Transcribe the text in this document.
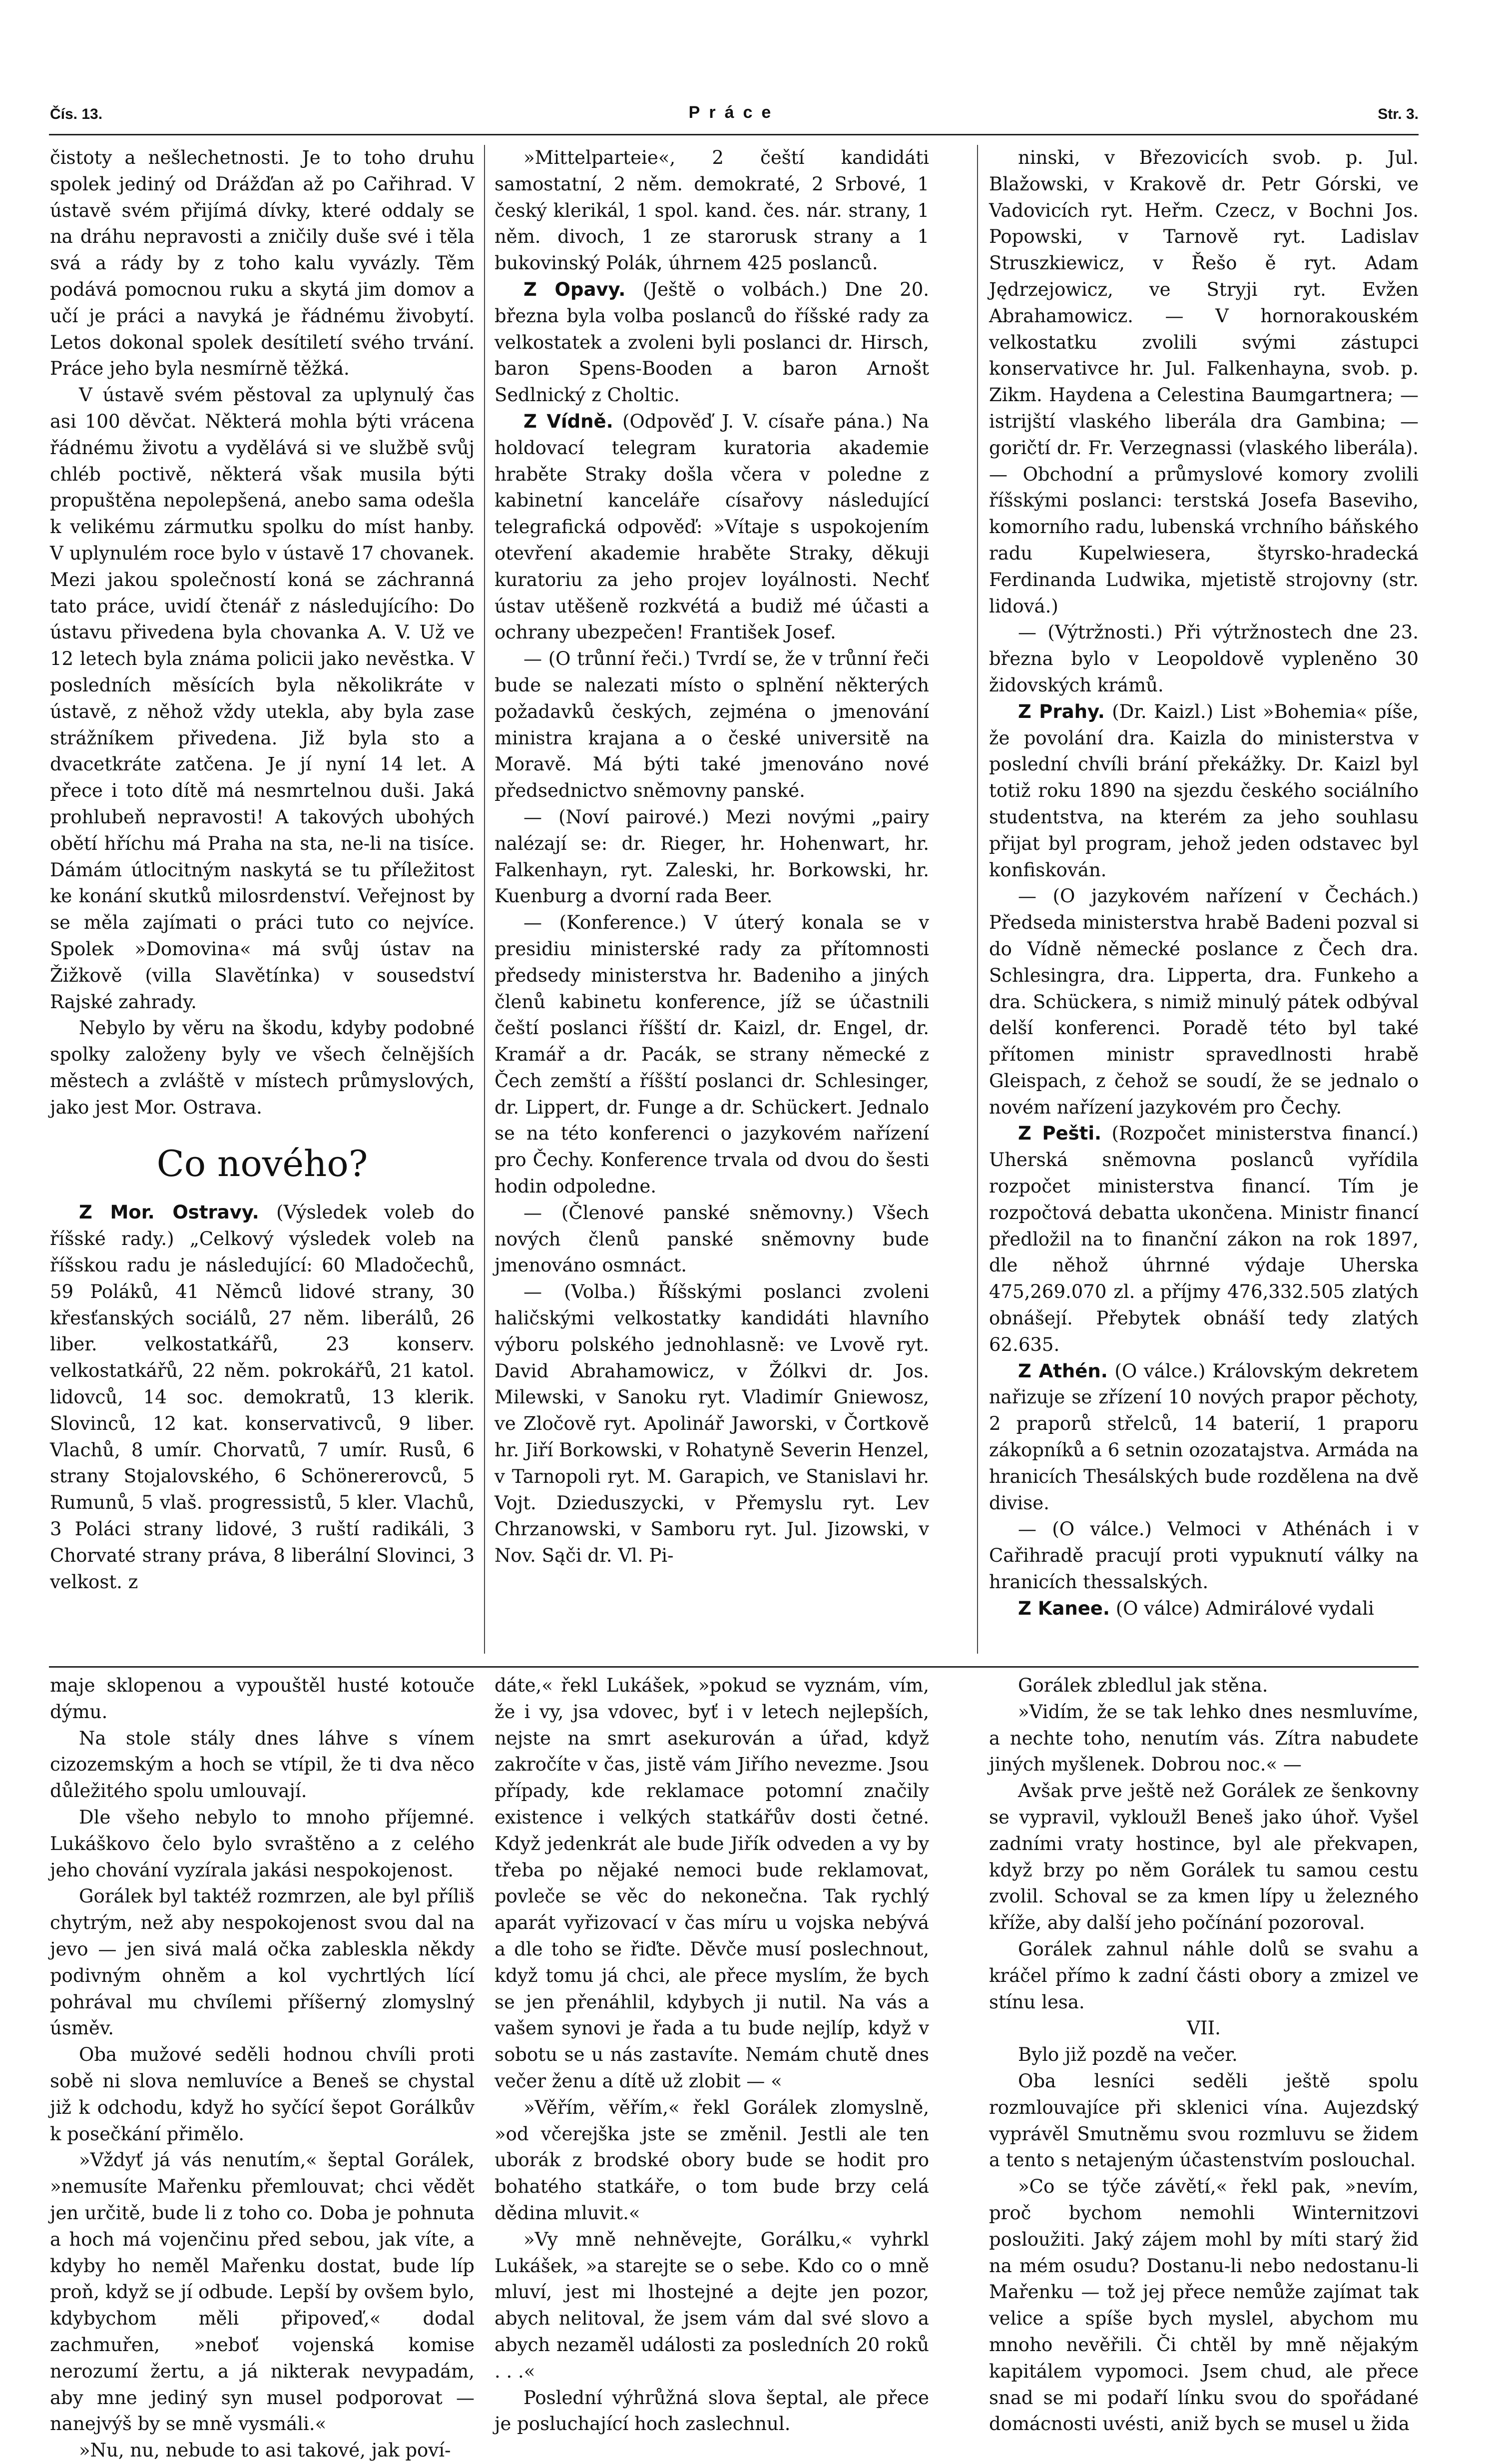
Čís. 13.	Práce	Str. 3.

čistoty a nešlechetnosti. Je to toho druhu spolek jediný od Drážďan až po Cařihrad. V ústavě svém přijímá dívky, které oddaly se na dráhu nepravosti a zničily duše své i těla svá a rády by z toho kalu vyvázly. Těm podává pomocnou ruku a skytá jim domov a učí je práci a navyká je řádnému živobytí. Letos dokonal spolek desítiletí svého trvání. Práce jeho byla nesmírně těžká.

V ústavě svém pěstoval za uplynulý čas asi 100 děvčat. Některá mohla býti vrácena řádnému životu a vydělává si ve službě svůj chléb poctivě, některá však musila býti propuštěna nepolepšená, anebo sama odešla k velikému zármutku spolku do míst hanby. V uplynulém roce bylo v ústavě 17 chovanek. Mezi jakou společností koná se záchranná tato práce, uvidí čtenář z následujícího: Do ústavu přivedena byla chovanka A. V. Už ve 12 letech byla známa policii jako nevěstka. V posledních měsících byla několikráte v ústavě, z něhož vždy utekla, aby byla zase strážníkem přivedena. Již byla sto a dvacetkráte zatčena. Je jí nyní 14 let. A přece i toto dítě má nesmrtelnou duši. Jaká prohlubeň nepravosti! A takových ubohých obětí hříchu má Praha na sta, ne-li na tisíce. Dámám útlocitným naskytá se tu příležitost ke konání skutků milosrdenství. Veřejnost by se měla zajímati o práci tuto co nejvíce. Spolek »Domovina« má svůj ústav na Žižkově (villa Slavětínka) v sousedství Rajské zahrady.

Nebylo by věru na škodu, kdyby podobné spolky založeny byly ve všech čelnějších městech a zvláště v místech průmyslových, jako jest Mor. Ostrava.

Co nového?

Z Mor. Ostravy. (Výsledek voleb do říšské rady.) „Celkový výsledek voleb na říšskou radu je následující: 60 Mladočechů, 59 Poláků, 41 Němců lidové strany, 30 křesťanských sociálů, 27 něm. liberálů, 26 liber. velkostatkářů, 23 konserv. velkostatkářů, 22 něm. pokrokářů, 21 katol. lidovců, 14 soc. demokratů, 13 klerik. Slovinců, 12 kat. konservativců, 9 liber. Vlachů, 8 umír. Chorvatů, 7 umír. Rusů, 6 strany Stojalovského, 6 Schönererovců, 5 Rumunů, 5 vlaš. progressistů, 5 kler. Vlachů, 3 Poláci strany lidové, 3 ruští radikáli, 3 Chorvaté strany práva, 8 liberální Slovinci, 3 velkost. z

»Mittelparteie«, 2 čeští kandidáti samostatní, 2 něm. demokraté, 2 Srbové, 1 český klerikál, 1 spol. kand. čes. nár. strany, 1 něm. divoch, 1 ze starorusk strany a 1 bukovinský Polák, úhrnem 425 poslanců.

Z Opavy. (Ještě o volbách.) Dne 20. března byla volba poslanců do říšské rady za velkostatek a zvoleni byli poslanci dr. Hirsch, baron Spens-Booden a baron Arnošt Sedlnický z Choltic.

Z Vídně. (Odpověď J. V. císaře pána.) Na holdovací telegram kuratoria akademie hraběte Straky došla včera v poledne z kabinetní kanceláře císařovy následující telegrafická odpověď: »Vítaje s uspokojením otevření akademie hraběte Straky, děkuji kuratoriu za jeho projev loyálnosti. Nechť ústav utěšeně rozkvétá a budiž mé účasti a ochrany ubezpečen! František Josef.

— (O trůnní řeči.) Tvrdí se, že v trůnní řeči bude se nalezati místo o splnění některých požadavků českých, zejména o jmenování ministra krajana a o české universitě na Moravě. Má býti také jmenováno nové předsednictvo sněmovny panské.

— (Noví pairové.) Mezi novými „pairy nalézají se: dr. Rieger, hr. Hohenwart, hr. Falkenhayn, ryt. Zaleski, hr. Borkowski, hr. Kuenburg a dvorní rada Beer.

— (Konference.) V úterý konala se v presidiu ministerské rady za přítomnosti předsedy ministerstva hr. Badeniho a jiných členů kabinetu konference, jíž se účastnili čeští poslanci říšští dr. Kaizl, dr. Engel, dr. Kramář a dr. Pacák, se strany německé z Čech zemští a říšští poslanci dr. Schlesinger, dr. Lippert, dr. Funge a dr. Schückert. Jednalo se na této konferenci o jazykovém nařízení pro Čechy. Konference trvala od dvou do šesti hodin odpoledne.

— (Členové panské sněmovny.) Všech nových členů panské sněmovny bude jmenováno osmnáct.

— (Volba.) Říšskými poslanci zvoleni haličskými velkostatky kandidáti hlavního výboru polského jednohlasně: ve Lvově ryt. David Abrahamowicz, v Žólkvi dr. Jos. Milewski, v Sanoku ryt. Vladimír Gniewosz, ve Zločově ryt. Apolinář Jaworski, v Čortkově hr. Jiří Borkowski, v Rohatyně Severin Henzel, v Tarnopoli ryt. M. Garapich, ve Stanislavi hr. Vojt. Dzieduszycki, v Přemyslu ryt. Lev Chrzanowski, v Samboru ryt. Jul. Jizowski, v Nov. Sąči dr. Vl. Pi-

ninski, v Březovicích svob. p. Jul. Blažowski, v Krakově dr. Petr Górski, ve Vadovicích ryt. Heřm. Czecz, v Bochni Jos. Popowski, v Tarnově ryt. Ladislav Struszkiewicz, v Řešo ě ryt. Adam Jędrzejowicz, ve Stryji ryt. Evžen Abrahamowicz. — V hornorakouském velkostatku zvolili svými zástupci konservativce hr. Jul. Falkenhayna, svob. p. Zikm. Haydena a Celestina Baumgartnera; — istrijští vlaského liberála dra Gambina; — goričtí dr. Fr. Verzegnassi (vlaského liberála). — Obchodní a průmyslové komory zvolili říšskými poslanci: terstská Josefa Baseviho, komorního radu, lubenská vrchního báňského radu Kupelwiesera, štyrsko-hradecká Ferdinanda Ludwika, mjetistě strojovny (str. lidová.)

— (Výtržnosti.) Při výtržnostech dne 23. března bylo v Leopoldově vypleněno 30 židovských krámů.

Z Prahy. (Dr. Kaizl.) List »Bohemia« píše, že povolání dra. Kaizla do ministerstva v poslední chvíli brání překážky. Dr. Kaizl byl totiž roku 1890 na sjezdu českého sociálního studentstva, na kterém za jeho souhlasu přijat byl program, jehož jeden odstavec byl konfiskován.

— (O jazykovém nařízení v Čechách.) Předseda ministerstva hrabě Badeni pozval si do Vídně německé poslance z Čech dra. Schlesingra, dra. Lipperta, dra. Funkeho a dra. Schückera, s nimiž minulý pátek odbýval delší konferenci. Poradě této byl také přítomen ministr spravedlnosti hrabě Gleispach, z čehož se soudí, že se jednalo o novém nařízení jazykovém pro Čechy.

Z Pešti. (Rozpočet ministerstva financí.) Uherská sněmovna poslanců vyřídila rozpočet ministerstva financí. Tím je rozpočtová debatta ukončena. Ministr financí předložil na to finanční zákon na rok 1897, dle něhož úhrnné výdaje Uherska 475,269.070 zl. a příjmy 476,332.505 zlatých obnášejí. Přebytek obnáší tedy zlatých 62.635.

Z Athén. (O válce.) Královským dekretem nařizuje se zřízení 10 nových prapor pěchoty, 2 praporů střelců, 14 baterií, 1 praporu zákopníků a 6 setnin ozozatajstva. Armáda na hranicích Thesálských bude rozdělena na dvě divise.

— (O válce.) Velmoci v Athénách i v Cařihradě pracují proti vypuknutí války na hranicích thessalských.

Z Kanee. (O válce) Admirálové vydali

maje sklopenou a vypouštěl husté kotouče dýmu.

Na stole stály dnes láhve s vínem cizozemským a hoch se vtípil, že ti dva něco důležitého spolu umlouvají.

Dle všeho nebylo to mnoho příjemné. Lukáškovo čelo bylo svraštěno a z celého jeho chování vyzírala jakási nespokojenost.

Gorálek byl taktéž rozmrzen, ale byl příliš chytrým, než aby nespokojenost svou dal na jevo — jen sivá malá očka zableskla někdy podivným ohněm a kol vychrtlých lící pohrával mu chvílemi příšerný zlomyslný úsměv.

Oba mužové seděli hodnou chvíli proti sobě ni slova nemluvíce a Beneš se chystal již k odchodu, když ho syčící šepot Gorálkův k posečkání přimělo.

»Vždyť já vás nenutím,« šeptal Gorálek, »nemusíte Mařenku přemlouvat; chci vědět jen určitě, bude li z toho co. Doba je pohnuta a hoch má vojenčinu před sebou, jak víte, a kdyby ho neměl Mařenku dostat, bude líp proň, když se jí odbude. Lepší by ovšem bylo, kdybychom měli připoveď,« dodal zachmuřen, »neboť vojenská komise nerozumí žertu, a já nikterak nevypadám, aby mne jediný syn musel podporovat — nanejvýš by se mně vysmáli.«

»Nu, nu, nebude to asi takové, jak poví-

dáte,« řekl Lukášek, »pokud se vyznám, vím, že i vy, jsa vdovec, byť i v letech nejlepších, nejste na smrt asekurován a úřad, když zakročíte v čas, jistě vám Jiřího nevezme. Jsou případy, kde reklamace potomní značily existence i velkých statkářův dosti četné. Když jedenkrát ale bude Jiřík odveden a vy by třeba po nějaké nemoci bude reklamovat, povleče se věc do nekonečna. Tak rychlý aparát vyřizovací v čas míru u vojska nebývá a dle toho se řiďte. Děvče musí poslechnout, když tomu já chci, ale přece myslím, že bych se jen přenáhlil, kdybych ji nutil. Na vás a vašem synovi je řada a tu bude nejlíp, když v sobotu se u nás zastavíte. Nemám chutě dnes večer ženu a dítě už zlobit — «

»Věřím, věřím,« řekl Gorálek zlomyslně, »od včerejška jste se změnil. Jestli ale ten uborák z brodské obory bude se hodit pro bohatého statkáře, o tom bude brzy celá dědina mluvit.«

»Vy mně nehněvejte, Gorálku,« vyhrkl Lukášek, »a starejte se o sebe. Kdo co o mně mluví, jest mi lhostejné a dejte jen pozor, abych nelitoval, že jsem vám dal své slovo a abych nezaměl události za posledních 20 roků . . .«

Poslední výhrůžná slova šeptal, ale přece je posluchající hoch zaslechnul.

Gorálek zbledlul jak stěna.

»Vidím, že se tak lehko dnes nesmluvíme, a nechte toho, nenutím vás. Zítra nabudete jiných myšlenek. Dobrou noc.« —

Avšak prve ještě než Gorálek ze šenkovny se vypravil, vykloužl Beneš jako úhoř. Vyšel zadními vraty hostince, byl ale překvapen, když brzy po něm Gorálek tu samou cestu zvolil. Schoval se za kmen lípy u železného kříže, aby další jeho počínání pozoroval.

Gorálek zahnul náhle dolů se svahu a kráčel přímo k zadní části obory a zmizel ve stínu lesa.

VII.

Bylo již pozdě na večer.

Oba lesníci seděli ještě spolu rozmlouvajíce při sklenici vína. Aujezdský vyprávěl Smutněmu svou rozmluvu se židem a tento s netajeným účastenstvím poslouchal.

»Co se týče závětí,« řekl pak, »nevím, proč bychom nemohli Winternitzovi posloužiti. Jaký zájem mohl by míti starý žid na mém osudu? Dostanu-li nebo nedostanu-li Mařenku — tož jej přece nemůže zajímat tak velice a spíše bych myslel, abychom mu mnoho nevěřili. Či chtěl by mně nějakým kapitálem vypomoci. Jsem chud, ale přece snad se mi podaří línku svou do spořádané domácnosti uvésti, aniž bych se musel u žida
